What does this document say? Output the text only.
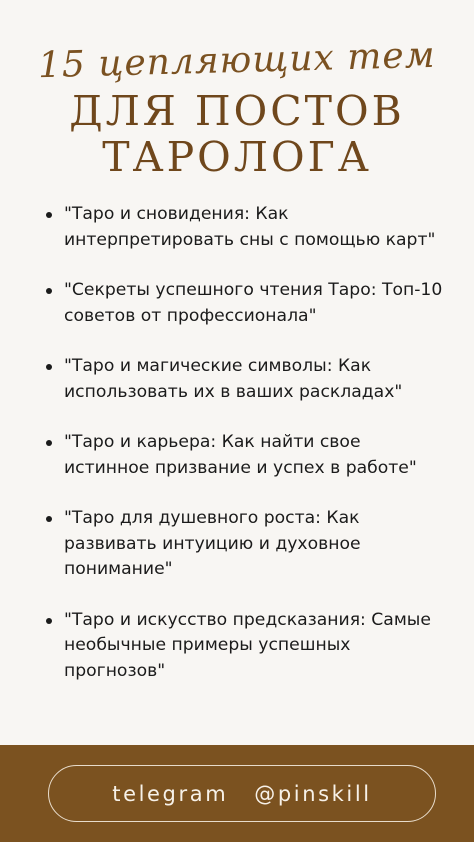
15 цепляющих тем
ДЛЯ ПОСТОВ
ТАРОЛОГА
"Таро и сновидения: Как интерпретировать сны с помощью карт"
"Секреты успешного чтения Таро: Топ-10 советов от профессионала"
"Таро и магические символы: Как использовать их в ваших раскладах"
"Таро и карьера: Как найти свое истинное призвание и успех в работе"
"Таро для душевного роста: Как развивать интуицию и духовное понимание"
"Таро и искусство предсказания: Самые необычные примеры успешных прогнозов"
telegram @pinskill
